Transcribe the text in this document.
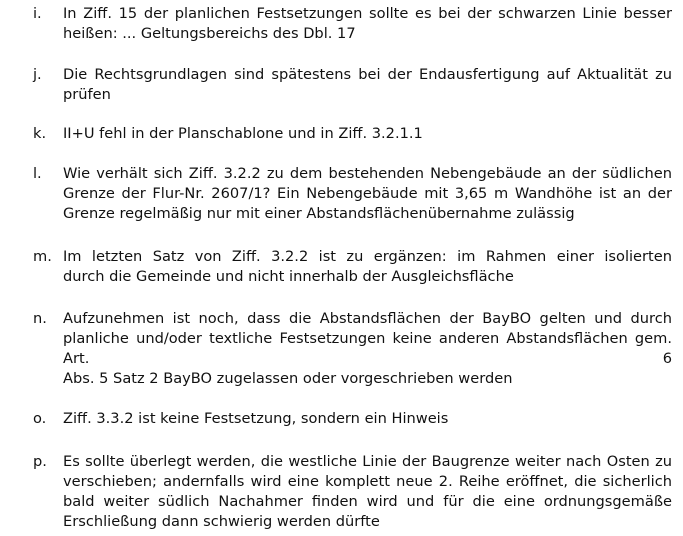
i. In Ziff. 15 der planlichen Festsetzungen sollte es bei der schwarzen Linie besser
heißen: ... Geltungsbereichs des Dbl. 17
j. Die Rechtsgrundlagen sind spätestens bei der Endausfertigung auf Aktualität zu
prüfen
k. II+U fehl in der Planschablone und in Ziff. 3.2.1.1
l. Wie verhält sich Ziff. 3.2.2 zu dem bestehenden Nebengebäude an der südlichen
Grenze der Flur-Nr. 2607/1? Ein Nebengebäude mit 3,65 m Wandhöhe ist an der
Grenze regelmäßig nur mit einer Abstandsflächenübernahme zulässig
m. Im letzten Satz von Ziff. 3.2.2 ist zu ergänzen: im Rahmen einer isolierten
durch die Gemeinde und nicht innerhalb der Ausgleichsfläche
n. Aufzunehmen ist noch, dass die Abstandsflächen der BayBO gelten und durch
planliche und/oder textliche Festsetzungen keine anderen Abstandsflächen gem.
Art.	6
Abs. 5 Satz 2 BayBO zugelassen oder vorgeschrieben werden
o. Ziff. 3.3.2 ist keine Festsetzung, sondern ein Hinweis
p. Es sollte überlegt werden, die westliche Linie der Baugrenze weiter nach Osten zu
verschieben; andernfalls wird eine komplett neue 2. Reihe eröffnet, die sicherlich
bald weiter südlich Nachahmer finden wird und für die eine ordnungsgemäße
Erschließung dann schwierig werden dürfte
